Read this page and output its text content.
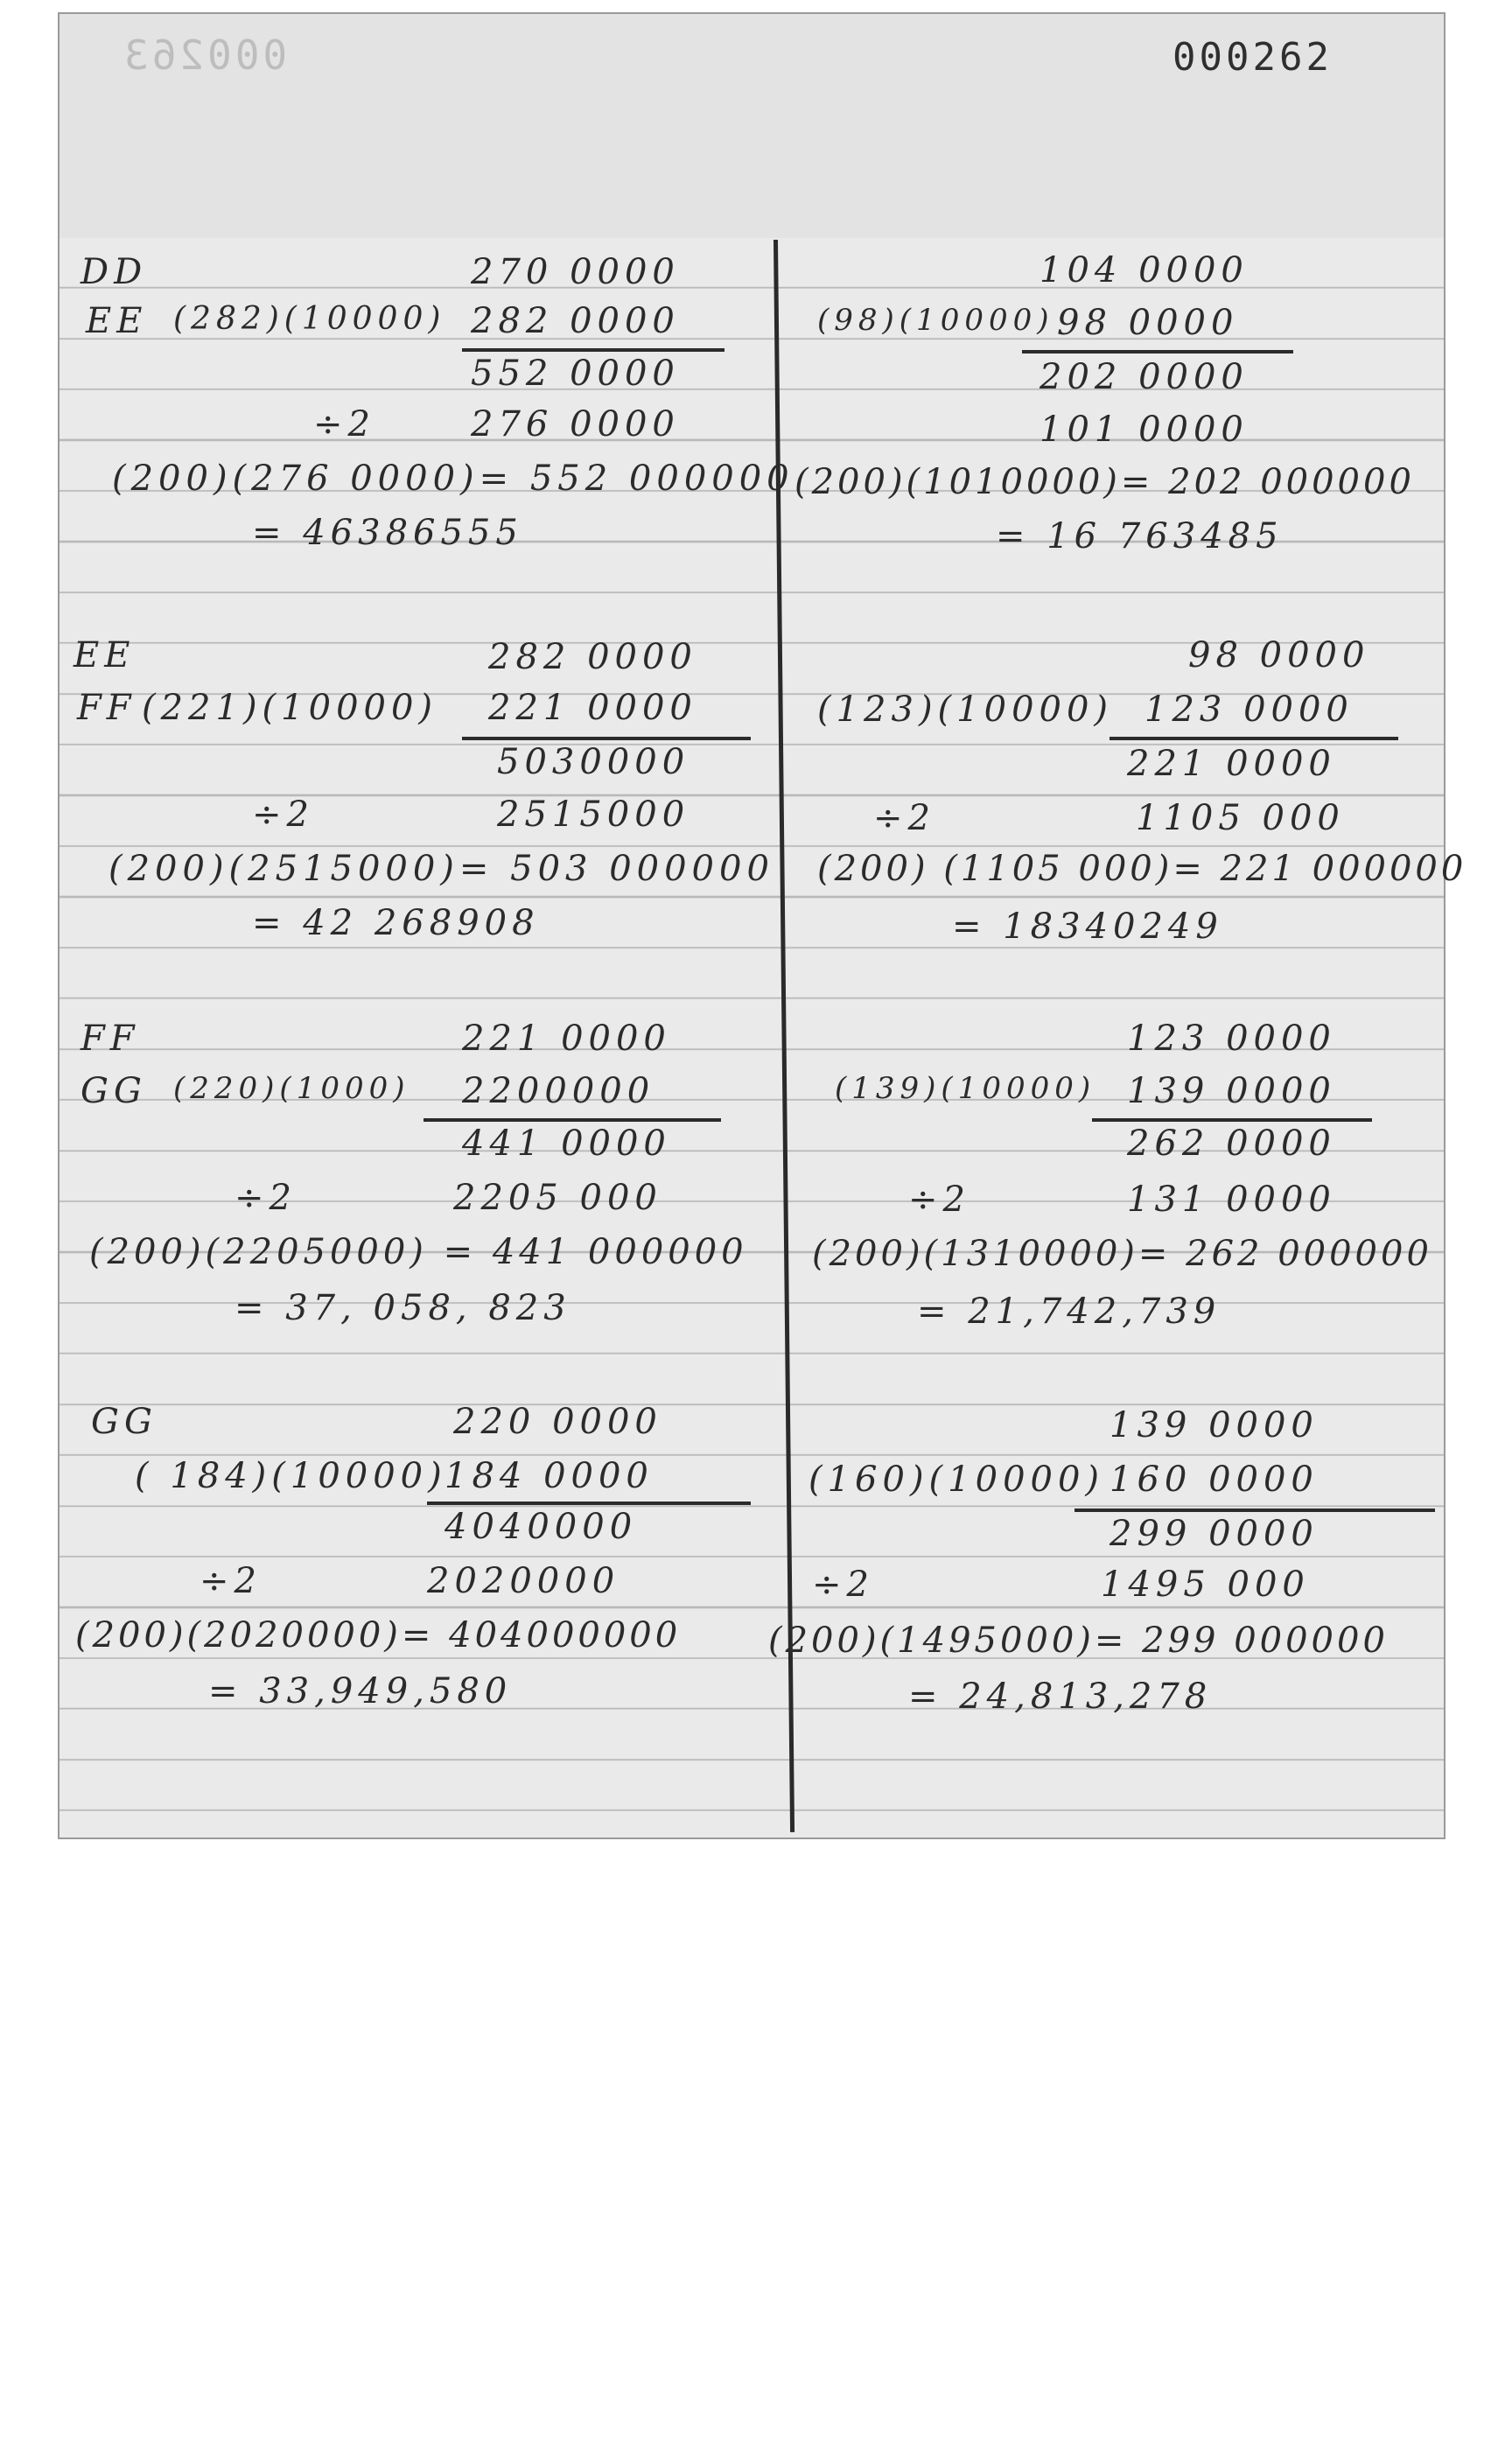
000263	000262
DD	270 0000
EE (282)(10000) 282 0000
552 0000
÷2	276 0000
(200)(276 0000)= 552 000000
= 46386555
EE	282 0000
FF (221)(10000) 221 0000
5030000
÷2	2515000
(200)(2515000)= 503 000000
= 42 268908
FF	221 0000
GG (220)(1000) 2200000
441 0000
÷2	2205 000
(200)(2205000) = 441 000000
= 37, 058, 823
GG	220 0000
( 184)(10000)
184 0000
4040000
÷2	2020000
(200)(2020000)= 404000000
= 33,949,580
104 0000
(98)(10000) 98 0000
202 0000
101 0000
(200)(1010000)= 202 000000
= 16 763485
98 0000
(123)(10000) 123 0000
221 0000
÷2	1105 000
(200) (1105 000)= 221 000000
= 18340249
123 0000
(139)(10000) 139 0000
262 0000
÷2	131 0000
(200)(1310000)= 262 000000
= 21,742,739
139 0000
(160)(10000) 160 0000
299 0000
÷2	1495 000
(200)(1495000)= 299 000000
= 24,813,278
